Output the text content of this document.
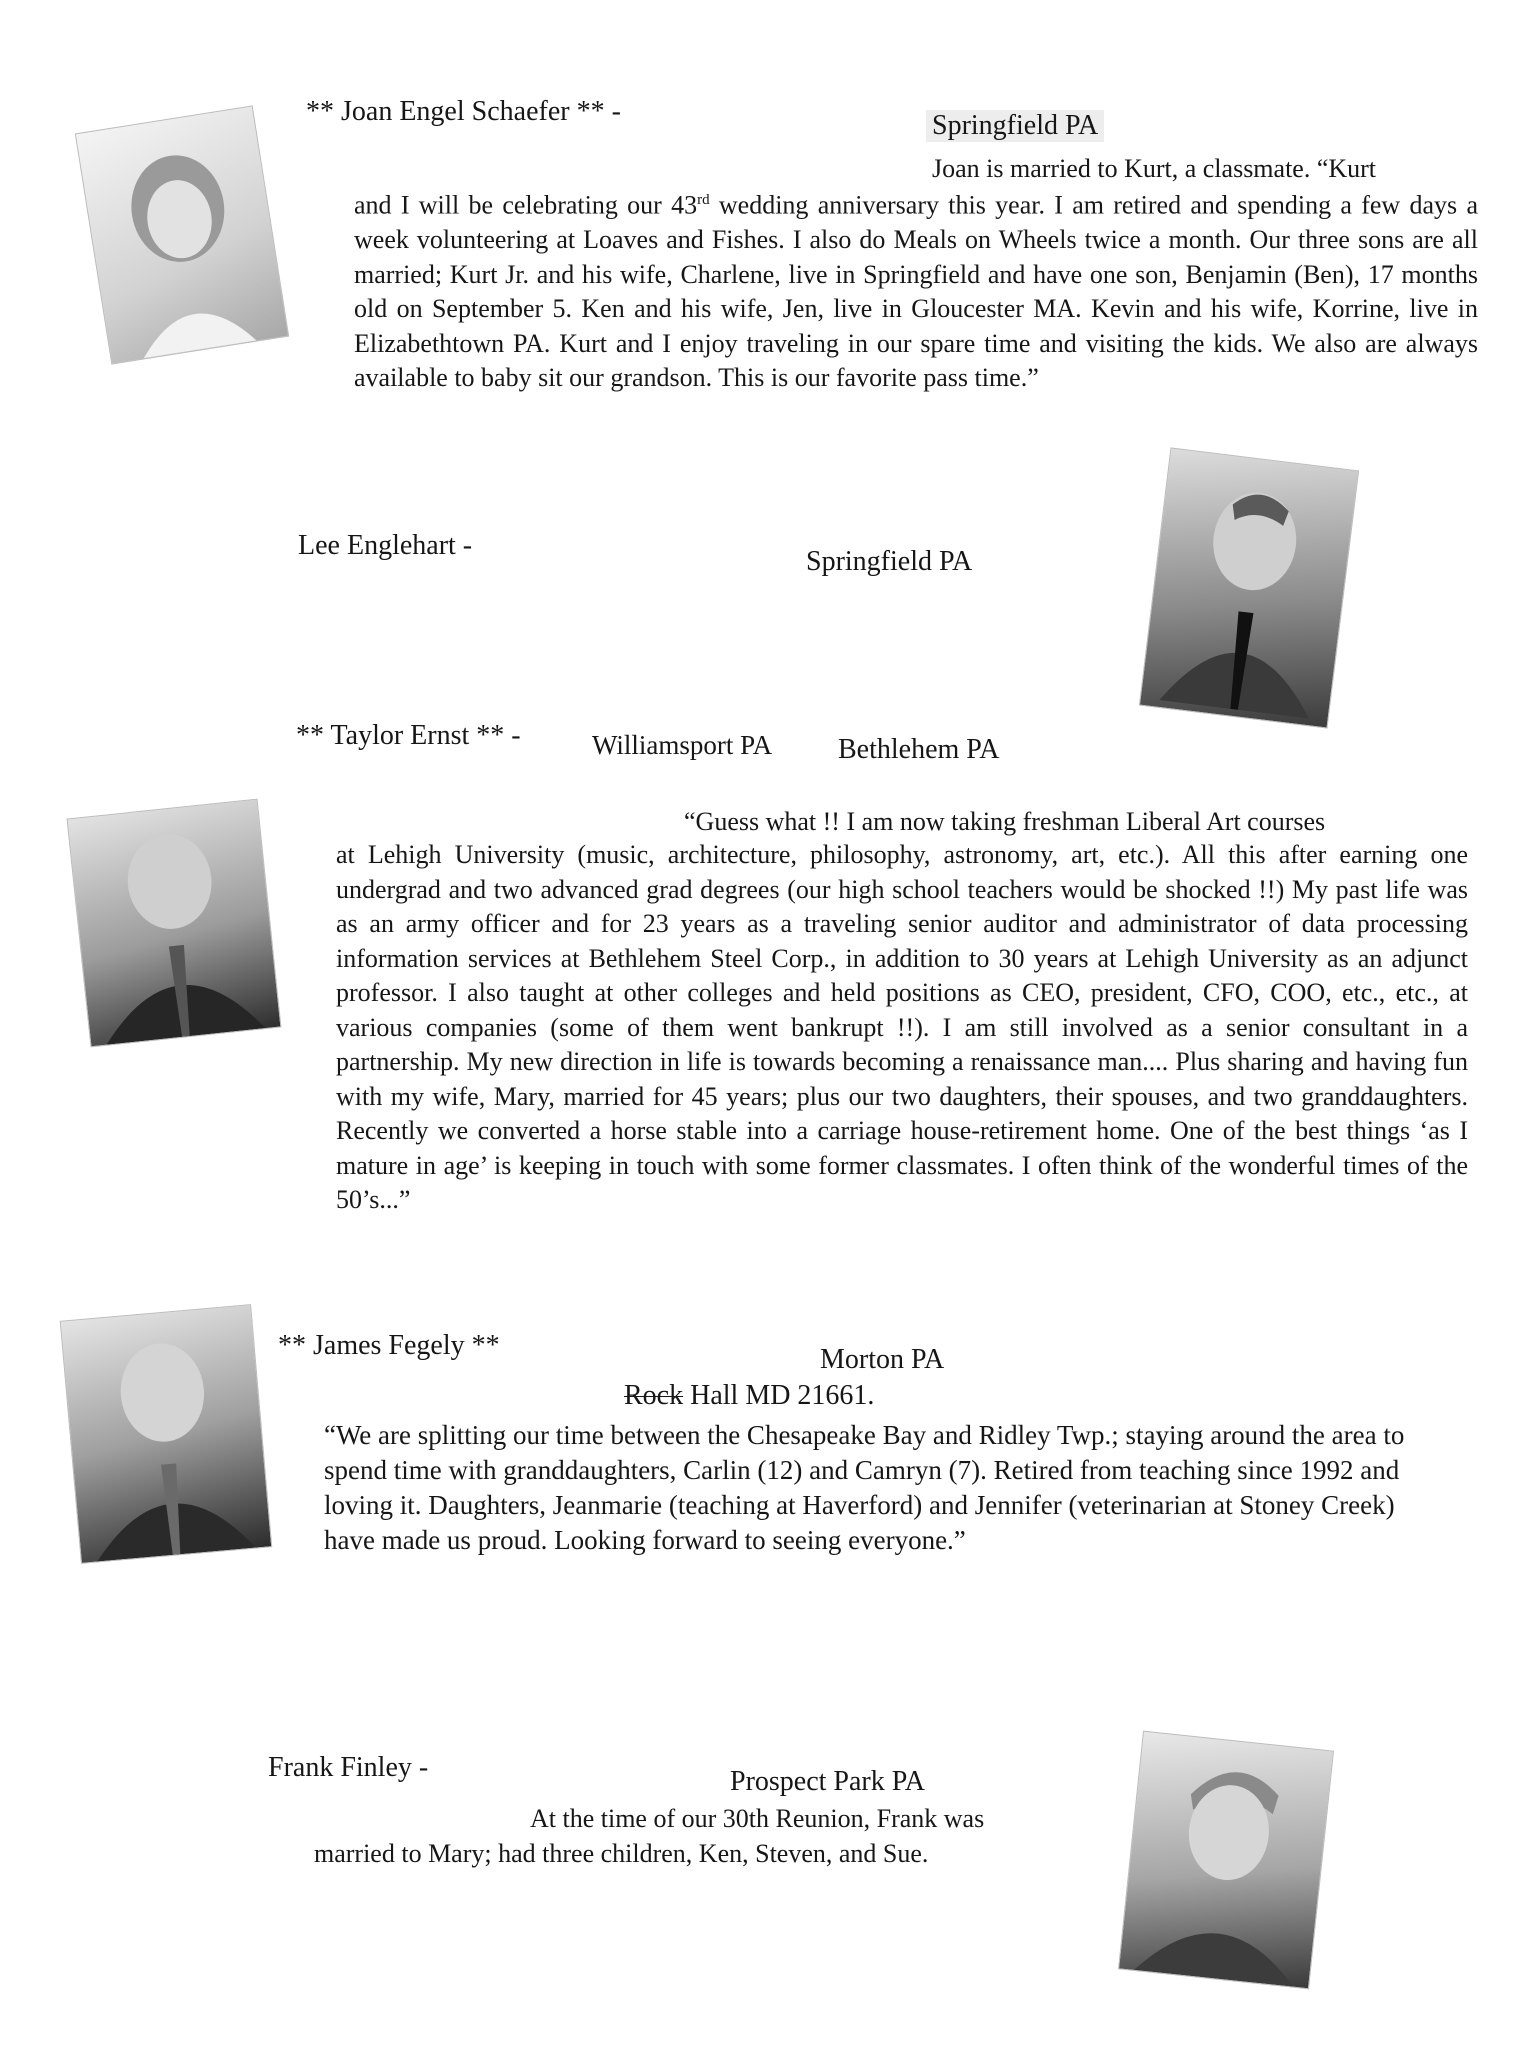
** Joan Engel Schaefer ** -	Springfield PA
Joan is married to Kurt, a classmate. “Kurt

and I will be celebrating our 43rd wedding anniversary this year. I am retired and spending a few days a week volunteering at Loaves and Fishes. I also do Meals on Wheels twice a month. Our three sons are all married; Kurt Jr. and his wife, Charlene, live in Springfield and have one son, Benjamin (Ben), 17 months old on September 5. Ken and his wife, Jen, live in Gloucester MA. Kevin and his wife, Korrine, live in Elizabethtown PA. Kurt and I enjoy traveling in our spare time and visiting the kids. We also are always available to baby sit our grandson. This is our favorite pass time.”

Lee Englehart -
Springfield PA
** Taylor Ernst ** -	Williamsport PA Bethlehem PA
“Guess what !! I am now taking freshman Liberal Art courses
at Lehigh University (music, architecture, philosophy, astronomy, art, etc.). All this after earning one undergrad and two advanced grad degrees (our high school teachers would be shocked !!) My past life was as an army officer and for 23 years as a traveling senior auditor and administrator of data processing information services at Bethlehem Steel Corp., in addition to 30 years at Lehigh University as an adjunct professor. I also taught at other colleges and held positions as CEO, president, CFO, COO, etc., etc., at various companies (some of them went bankrupt !!). I am still involved as a senior consultant in a partnership. My new direction in life is towards becoming a renaissance man.... Plus sharing and having fun with my wife, Mary, married for 45 years; plus our two daughters, their spouses, and two granddaughters. Recently we converted a horse stable into a carriage house-retirement home. One of the best things ‘as I mature in age’ is keeping in touch with some former classmates. I often think of the wonderful times of the 50’s...”
** James Fegely **	Morton PA
Rock Hall MD 21661.
“We are splitting our time between the Chesapeake Bay and Ridley Twp.; staying around the area to spend time with granddaughters, Carlin (12) and Camryn (7). Retired from teaching since 1992 and loving it. Daughters, Jeanmarie (teaching at Haverford) and Jennifer (veterinarian at Stoney Creek) have made us proud. Looking forward to seeing everyone.”
Frank Finley -	Prospect Park PA
At the time of our 30th Reunion, Frank was
married to Mary; had three children, Ken, Steven, and Sue.
